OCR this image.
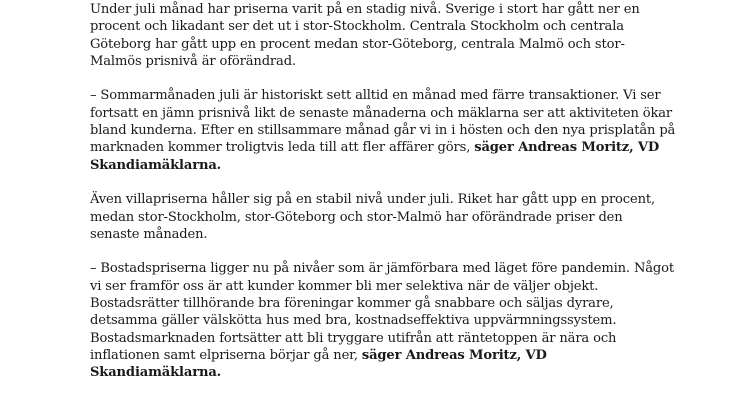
Under juli månad har priserna varit på en stadig nivå. Sverige i stort har gått ner en
procent och likadant ser det ut i stor-Stockholm. Centrala Stockholm och centrala
Göteborg har gått upp en procent medan stor-Göteborg, centrala Malmö och stor-
Malmös prisnivå är oförändrad.

– Sommarmånaden juli är historiskt sett alltid en månad med färre transaktioner. Vi ser
fortsatt en jämn prisnivå likt de senaste månaderna och mäklarna ser att aktiviteten ökar
bland kunderna. Efter en stillsammare månad går vi in i hösten och den nya prisplatån på
marknaden kommer troligtvis leda till att fler affärer görs, säger Andreas Moritz, VD
Skandiamäklarna.

Även villapriserna håller sig på en stabil nivå under juli. Riket har gått upp en procent,
medan stor-Stockholm, stor-Göteborg och stor-Malmö har oförändrade priser den
senaste månaden.

– Bostadspriserna ligger nu på nivåer som är jämförbara med läget före pandemin. Något
vi ser framför oss är att kunder kommer bli mer selektiva när de väljer objekt.
Bostadsrätter tillhörande bra föreningar kommer gå snabbare och säljas dyrare,
detsamma gäller välskötta hus med bra, kostnadseffektiva uppvärmningssystem.
Bostadsmarknaden fortsätter att bli tryggare utifrån att räntetoppen är nära och
inflationen samt elpriserna börjar gå ner, säger Andreas Moritz, VD
Skandiamäklarna.
